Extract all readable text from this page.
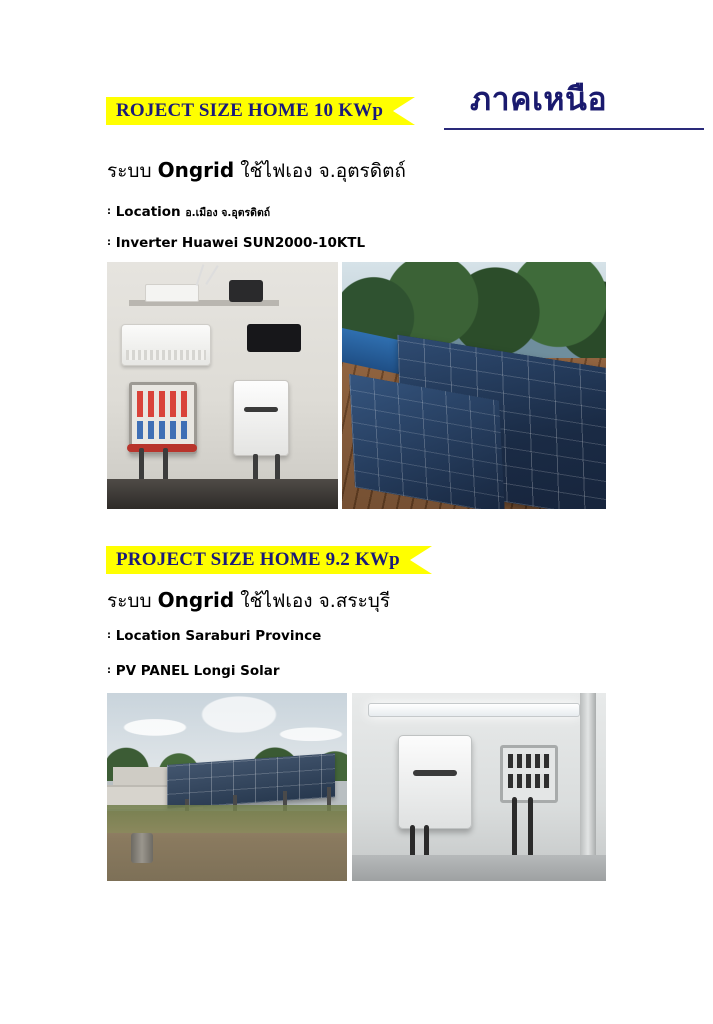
ภาคเหนือ
ROJECT SIZE HOME 10 KWp
ระบบ Ongrid ใช้ไฟเอง จ.อุตรดิตถ์
: Location อ.เมือง จ.อุตรดิตถ์
: Inverter Huawei SUN2000-10KTL
PROJECT SIZE HOME 9.2 KWp
ระบบ Ongrid ใช้ไฟเอง จ.สระบุรี
: Location Saraburi Province
: PV PANEL Longi Solar
